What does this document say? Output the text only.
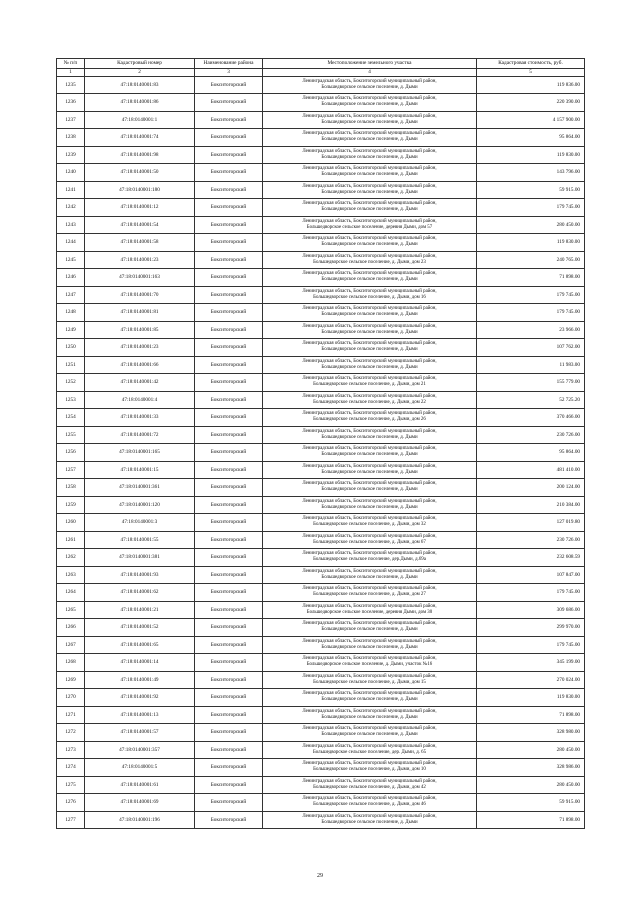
№ п/п	Кадастровый номер	Наименование района	Местоположение земельного участка	Кадастровая стоимость, руб.
1	2	3	4	5
1235	47:18:0140001:83	Бокситогорский	Ленинградская область, Бокситогорский муниципальный район,
Большедворское сельское поселение, д. Дыми	119 836.00
1236	47:18:0140001:86	Бокситогорский	Ленинградская область, Бокситогорский муниципальный район,
Большедворское сельское поселение, д. Дыми	220 390.00
1237	47:18:0140001:1	Бокситогорский	Ленинградская область, Бокситогорский муниципальный район,
Большедворское сельское поселение, д. Дыми	4 157 900.00
1238	47:18:0140001:74	Бокситогорский	Ленинградская область, Бокситогорский муниципальный район,
Большедворское сельское поселение, д. Дыми	95 864.00
1239	47:18:0140001:98	Бокситогорский	Ленинградская область, Бокситогорский муниципальный район,
Большедворское сельское поселение, д. Дыми	119 830.00
1240	47:18:0140001:50	Бокситогорский	Ленинградская область, Бокситогорский муниципальный район,
Большедворское сельское поселение, д. Дыми	143 796.00
1241	47:18:0140001:180	Бокситогорский	Ленинградская область, Бокситогорский муниципальный район,
Большедворское сельское поселение, д. Дыми	59 915.00
1242	47:18:0140001:12	Бокситогорский	Ленинградская область, Бокситогорский муниципальный район,
Большедворское сельское поселение, д. Дыми	179 745.00
1243	47:18:0140001:54	Бокситогорский	Ленинградская область, Бокситогорский муниципальный район,
Большедворское сельское поселение, деревня Дыми, дом 57	280 450.00
1244	47:18:0140001:58	Бокситогорский	Ленинградская область, Бокситогорский муниципальный район,
Большедворское сельское поселение, д. Дыми	119 830.00
1245	47:18:0140001:23	Бокситогорский	Ленинградская область, Бокситогорский муниципальный район,
Большедворское сельское поселение, д. Дыми, дом 23	240 765.00
1246	47:18:0140001:163	Бокситогорский	Ленинградская область, Бокситогорский муниципальный район,
Большедворское сельское поселение, д. Дыми	71 898.00
1247	47:18:0140001:70	Бокситогорский	Ленинградская область, Бокситогорский муниципальный район,
Большедворское сельское поселение, д. Дыми, дом 16	179 745.00
1248	47:18:0140001:81	Бокситогорский	Ленинградская область, Бокситогорский муниципальный район,
Большедворское сельское поселение, д. Дыми	179 745.00
1249	47:18:0140001:85	Бокситогорский	Ленинградская область, Бокситогорский муниципальный район,
Большедворское сельское поселение, д. Дыми	23 966.00
1250	47:18:0140001:23	Бокситогорский	Ленинградская область, Бокситогорский муниципальный район,
Большедворское сельское поселение, д. Дыми	107 762.00
1251	47:18:0140001:66	Бокситогорский	Ленинградская область, Бокситогорский муниципальный район,
Большедворское сельское поселение, д. Дыми	11 983.00
1252	47:18:0140001:42	Бокситогорский	Ленинградская область, Бокситогорский муниципальный район,
Большедворское сельское поселение, д. Дыми, дом 21	155 779.00
1253	47:18:0140001:4	Бокситогорский	Ленинградская область, Бокситогорский муниципальный район,
Большедворское сельское поселение, д. Дыми, дом 22	52 725.20
1254	47:18:0140001:33	Бокситогорский	Ленинградская область, Бокситогорский муниципальный район,
Большедворское сельское поселение, д. Дыми, дом 26	370 466.00
1255	47:18:0140001:72	Бокситогорский	Ленинградская область, Бокситогорский муниципальный район,
Большедворское сельское поселение, д. Дыми	230 726.00
1256	47:18:0140001:165	Бокситогорский	Ленинградская область, Бокситогорский муниципальный район,
Большедворское сельское поселение, д. Дыми	95 864.00
1257	47:18:0140001:15	Бокситогорский	Ленинградская область, Бокситогорский муниципальный район,
Большедворское сельское поселение, д. Дыми	481 410.00
1258	47:18:0140001:361	Бокситогорский	Ленинградская область, Бокситогорский муниципальный район,
Большедворское сельское поселение, д. Дыми	200 124.00
1259	47:18:0140001:120	Бокситогорский	Ленинградская область, Бокситогорский муниципальный район,
Большедворское сельское поселение, д. Дыми	210 384.00
1260	47:18:0140001:3	Бокситогорский	Ленинградская область, Бокситогорский муниципальный район,
Большедворское сельское поселение, д. Дыми, дом 32	127 019.80
1261	47:18:0140001:55	Бокситогорский	Ленинградская область, Бокситогорский муниципальный район,
Большедворское сельское поселение, д. Дыми, дом 67	230 726.00
1262	47:18:0140001:381	Бокситогорский	Ленинградская область, Бокситогорский муниципальный район,
Большедворское сельское поселение, дер.Дыми, д.69а	232 608.59
1263	47:18:0140001:93	Бокситогорский	Ленинградская область, Бокситогорский муниципальный район,
Большедворское сельское поселение, д. Дыми	107 847.00
1264	47:18:0140001:62	Бокситогорский	Ленинградская область, Бокситогорский муниципальный район,
Большедворское сельское поселение, д. Дыми, дом 27	179 745.00
1265	47:18:0140001:21	Бокситогорский	Ленинградская область, Бокситогорский муниципальный район,
Большедворское сельское поселение, деревня Дыми, дом 30	309 686.00
1266	47:18:0140001:52	Бокситогорский	Ленинградская область, Бокситогорский муниципальный район,
Большедворское сельское поселение, д. Дыми	299 970.00
1267	47:18:0140001:65	Бокситогорский	Ленинградская область, Бокситогорский муниципальный район,
Большедворское сельское поселение, д. Дыми	179 745.00
1268	47:18:0140001:14	Бокситогорский	Ленинградская область, Бокситогорский муниципальный район,
Большедворское сельское поселение, д. Дыми, участок №16	345 199.00
1269	47:18:0140001:49	Бокситогорский	Ленинградская область, Бокситогорский муниципальный район,
Большедворское сельское поселение, д. Дыми, дом 15	270 024.00
1270	47:18:0140001:92	Бокситогорский	Ленинградская область, Бокситогорский муниципальный район,
Большедворское сельское поселение, д. Дыми	119 830.00
1271	47:18:0140001:13	Бокситогорский	Ленинградская область, Бокситогорский муниципальный район,
Большедворское сельское поселение, д. Дыми	71 898.00
1272	47:18:0140001:57	Бокситогорский	Ленинградская область, Бокситогорский муниципальный район,
Большедворское сельское поселение, д. Дыми	328 980.00
1273	47:18:0140001:357	Бокситогорский	Ленинградская область, Бокситогорский муниципальный район,
Большедворское сельское поселение, дер. Дыми, д. 65	280 450.00
1274	47:18:0140001:5	Бокситогорский	Ленинградская область, Бокситогорский муниципальный район,
Большедворское сельское поселение, д. Дыми, дом 10	328 986.00
1275	47:18:0140001:61	Бокситогорский	Ленинградская область, Бокситогорский муниципальный район,
Большедворское сельское поселение, д. Дыми, дом 42	280 450.00
1276	47:18:0140001:69	Бокситогорский	Ленинградская область, Бокситогорский муниципальный район,
Большедворское сельское поселение, д. Дыми, дом 46	59 915.00
1277	47:18:0140001:196	Бокситогорский	Ленинградская область, Бокситогорский муниципальный район,
Большедворское сельское поселение, д. Дыми	71 898.00
29
